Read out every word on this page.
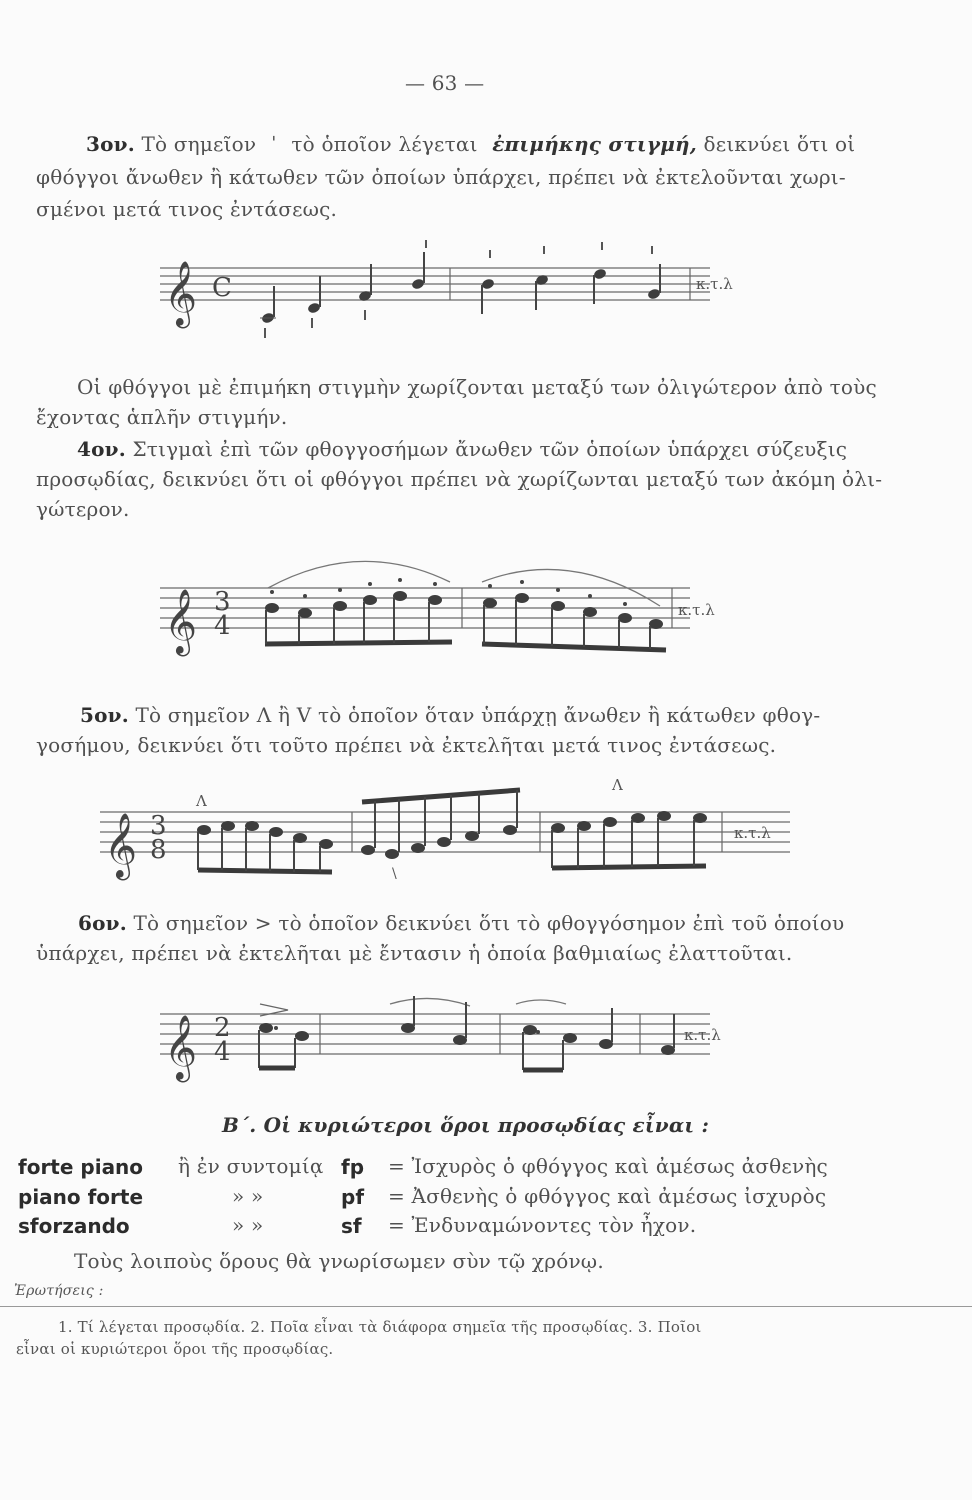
— 63 —
3ον. Τὸ σημεῖον ˈ τὸ ὁποῖον λέγεται ἐπιμήκης στιγμή, δεικνύει ὅτι οἱ
φθόγγοι ἄνωθεν ἢ κάτωθεν τῶν ὁποίων ὑπάρχει, πρέπει νὰ ἐκτελοῦνται χωρι-
σμένοι μετά τινος ἐντάσεως.
𝄞 C	κ.τ.λ
Οἱ φθόγγοι μὲ ἐπιμήκη στιγμὴν χωρίζονται μεταξύ των ὀλιγώτερον ἀπὸ τοὺς
ἔχοντας ἁπλῆν στιγμήν.
4ον. Στιγμαὶ ἐπὶ τῶν φθογγοσήμων ἄνωθεν τῶν ὁποίων ὑπάρχει σύζευξις
προσῳδίας, δεικνύει ὅτι οἱ φθόγγοι πρέπει νὰ χωρίζωνται μεταξύ των ἀκόμη ὀλι-
γώτερον.
𝄞 3
4
κ.τ.λ
5ον. Τὸ σημεῖον Λ ἢ V τὸ ὁποῖον ὅταν ὑπάρχῃ ἄνωθεν ἢ κάτωθεν φθογ-
γοσήμου, δεικνύει ὅτι τοῦτο πρέπει νὰ ἐκτελῆται μετά τινος ἐντάσεως.
𝄞 3
8
Λ
Λ
\
κ.τ.λ
6ον. Τὸ σημεῖον > τὸ ὁποῖον δεικνύει ὅτι τὸ φθογγόσημον ἐπὶ τοῦ ὁποίου
ὑπάρχει, πρέπει νὰ ἐκτελῆται μὲ ἔντασιν ἡ ὁποία βαθμιαίως ἐλαττοῦται.
𝄞 2
4
κ.τ.λ
Β΄. Οἱ κυριώτεροι ὅροι προσῳδίας εἶναι :
forte piano ἢ ἐν συντομίᾳ fp = Ἰσχυρὸς ὁ φθόγγος καὶ ἀμέσως ἀσθενὴς
piano forte	» »	pf = Ἀσθενὴς ὁ φθόγγος καὶ ἀμέσως ἰσχυρὸς
sforzando	» »	sf = Ἐνδυναμώνοντες τὸν ἦχον.
Τοὺς λοιποὺς ὅρους θὰ γνωρίσωμεν σὺν τῷ χρόνῳ.
Ἐρωτήσεις :
1. Τί λέγεται προσῳδία. 2. Ποῖα εἶναι τὰ διάφορα σημεῖα τῆς προσῳδίας. 3. Ποῖοι
εἶναι οἱ κυριώτεροι ὅροι τῆς προσῳδίας.
